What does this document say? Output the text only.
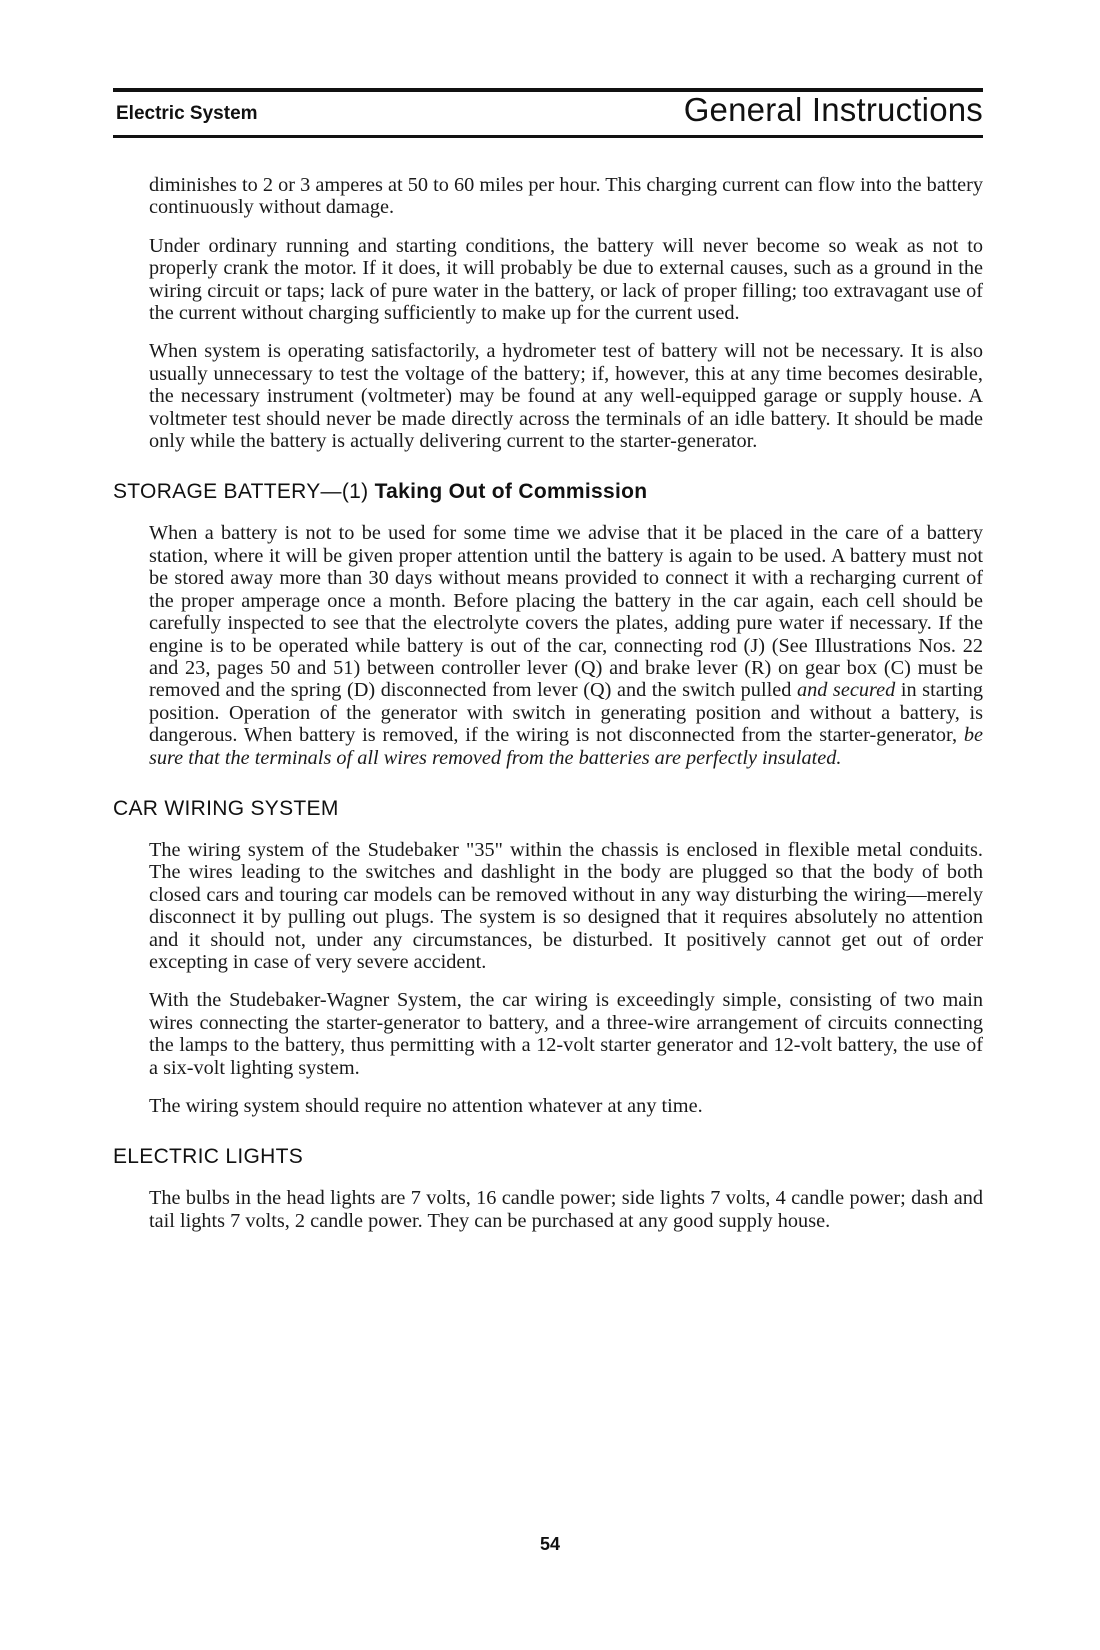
Electric System	General Instructions

diminishes to 2 or 3 amperes at 50 to 60 miles per hour. This charging current can flow into the battery continuously without damage.

Under ordinary running and starting conditions, the battery will never become so weak as not to properly crank the motor. If it does, it will probably be due to external causes, such as a ground in the wiring circuit or taps; lack of pure water in the battery, or lack of proper filling; too extravagant use of the current without charging sufficiently to make up for the current used.

When system is operating satisfactorily, a hydrometer test of battery will not be necessary. It is also usually unnecessary to test the voltage of the battery; if, however, this at any time becomes desirable, the necessary instrument (voltmeter) may be found at any well-equipped garage or supply house. A voltmeter test should never be made directly across the terminals of an idle battery. It should be made only while the battery is actually delivering current to the starter-generator.

STORAGE BATTERY—(1) Taking Out of Commission

When a battery is not to be used for some time we advise that it be placed in the care of a battery station, where it will be given proper attention until the battery is again to be used. A battery must not be stored away more than 30 days without means provided to connect it with a recharging current of the proper amperage once a month. Before placing the battery in the car again, each cell should be carefully inspected to see that the electrolyte covers the plates, adding pure water if necessary. If the engine is to be operated while battery is out of the car, connecting rod (J) (See Illustrations Nos. 22 and 23, pages 50 and 51) between controller lever (Q) and brake lever (R) on gear box (C) must be removed and the spring (D) disconnected from lever (Q) and the switch pulled and secured in starting position. Operation of the generator with switch in generating position and without a battery, is dangerous. When battery is removed, if the wiring is not disconnected from the starter-generator, be sure that the terminals of all wires removed from the batteries are perfectly insulated.

CAR WIRING SYSTEM

The wiring system of the Studebaker "35" within the chassis is enclosed in flexible metal conduits. The wires leading to the switches and dashlight in the body are plugged so that the body of both closed cars and touring car models can be removed without in any way disturbing the wiring—merely disconnect it by pulling out plugs. The system is so designed that it requires absolutely no attention and it should not, under any circumstances, be disturbed. It positively cannot get out of order excepting in case of very severe accident.

With the Studebaker-Wagner System, the car wiring is exceedingly simple, consisting of two main wires connecting the starter-generator to battery, and a three-wire arrangement of circuits connecting the lamps to the battery, thus permitting with a 12-volt starter generator and 12-volt battery, the use of a six-volt lighting system.

The wiring system should require no attention whatever at any time.

ELECTRIC LIGHTS

The bulbs in the head lights are 7 volts, 16 candle power; side lights 7 volts, 4 candle power; dash and tail lights 7 volts, 2 candle power. They can be purchased at any good supply house.

54
